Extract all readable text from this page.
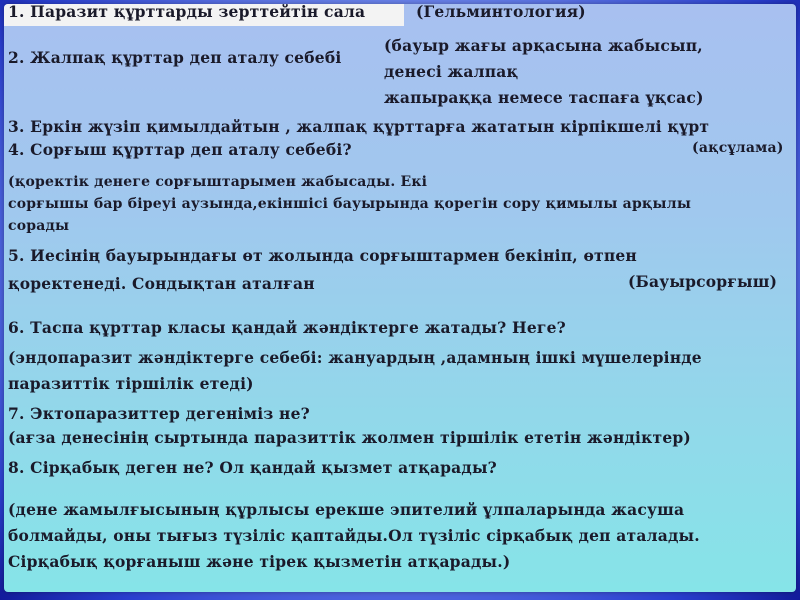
1. Паразит құрттарды зерттейтін сала	(Гельминтология)
2. Жалпақ құрттар деп аталу себебі
(бауыр жағы арқасына жабысып,
денесі жалпақ
жапыраққа немесе таспаға ұқсас)
3. Еркін жүзіп қимылдайтын , жалпақ құрттарға жататын кірпікшелі құрт
4. Сорғыш құрттар деп аталу себебі?	(ақсұлама)
(қоректік денеге сорғыштарымен жабысады. Екі
сорғышы бар біреуі аузында,екіншісі бауырында қорегін сору қимылы арқылы
сорады
5. Иесінің бауырындағы өт жолында сорғыштармен бекініп, өтпен
қоректенеді. Сондықтан аталған	(Бауырсорғыш)
6. Таспа құрттар класы қандай жәндіктерге жатады? Неге?
(эндопаразит жәндіктерге себебі: жануардың ,адамның ішкі мүшелерінде
паразиттік тіршілік етеді)
7. Эктопаразиттер дегеніміз не?
(ағза денесінің сыртында паразиттік жолмен тіршілік ететін жәндіктер)
8. Сірқабық деген не? Ол қандай қызмет атқарады?
(дене жамылғысының құрлысы ерекше эпителий ұлпаларында жасуша
болмайды, оны тығыз түзіліс қаптайды.Ол түзіліс сірқабық деп аталады.
Сірқабық қорғаныш және тірек қызметін атқарады.)
